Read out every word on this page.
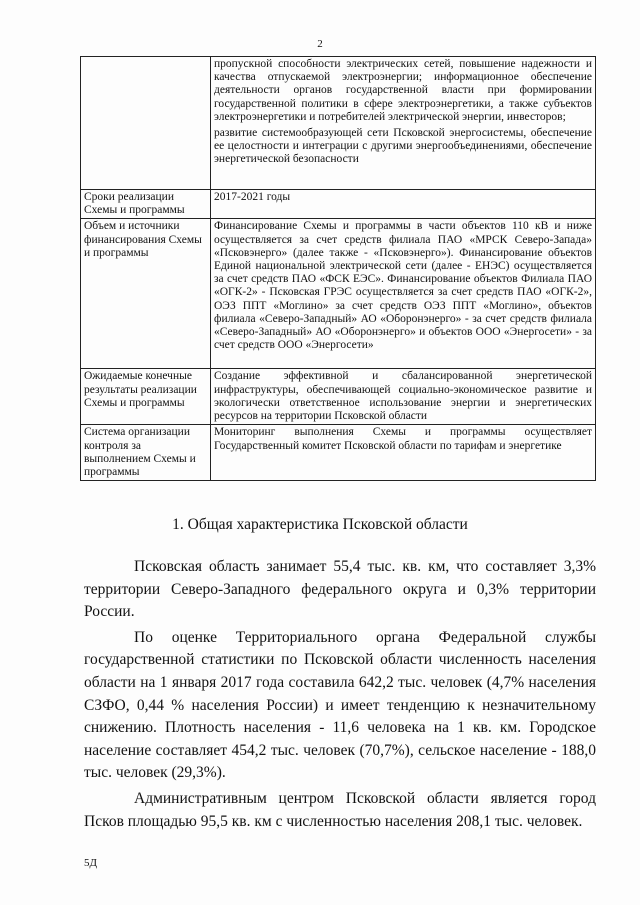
2

	пропускной способности электрических сетей, повышение надежности и качества отпускаемой электроэнергии; информационное обеспечение деятельности органов государственной власти при формировании государственной политики в сфере электроэнергетики, а также субъектов электроэнергетики и потребителей электрической энергии, инвесторов;

развитие системообразующей сети Псковской энергосистемы, обеспечение ее целостности и интеграции с другими энергообъединениями, обеспечение энергетической безопасности

Сроки реализации Схемы и программы	2017-2021 годы

Объем и источники финансирования Схемы и программы	Финансирование Схемы и программы в части объектов 110 кВ и ниже осуществляется за счет средств филиала ПАО «МРСК Северо-Запада» «Псковэнерго» (далее также - «Псковэнерго»). Финансирование объектов Единой национальной электрической сети (далее - ЕНЭС) осуществляется за счет средств ПАО «ФСК ЕЭС». Финансирование объектов Филиала ПАО «ОГК-2» - Псковская ГРЭС осуществляется за счет средств ПАО «ОГК-2», ОЭЗ ППТ «Моглино» за счет средств ОЭЗ ППТ «Моглино», объектов филиала «Северо-Западный» АО «Оборонэнерго» - за счет средств филиала «Северо-Западный» АО «Оборонэнерго» и объектов ООО «Энергосети» - за счет средств ООО «Энергосети»

Ожидаемые конечные результаты реализации Схемы и программы	Создание эффективной и сбалансированной энергетической инфраструктуры, обеспечивающей социально-экономическое развитие и экологически ответственное использование энергии и энергетических ресурсов на территории Псковской области

Система организации контроля за выполнением Схемы и программы	Мониторинг выполнения Схемы и программы осуществляет Государственный комитет Псковской области по тарифам и энергетике

1. Общая характеристика Псковской области

Псковская область занимает 55,4 тыс. кв. км, что составляет 3,3% территории Северо-Западного федерального округа и 0,3% территории России.

По оценке Территориального органа Федеральной службы государственной статистики по Псковской области численность населения области на 1 января 2017 года составила 642,2 тыс. человек (4,7% населения СЗФО, 0,44 % населения России) и имеет тенденцию к незначительному снижению. Плотность населения - 11,6 человека на 1 кв. км. Городское население составляет 454,2 тыс. человек (70,7%), сельское население - 188,0 тыс. человек (29,3%).

Административным центром Псковской области является город Псков площадью 95,5 кв. км с численностью населения 208,1 тыс. человек.

5Д
